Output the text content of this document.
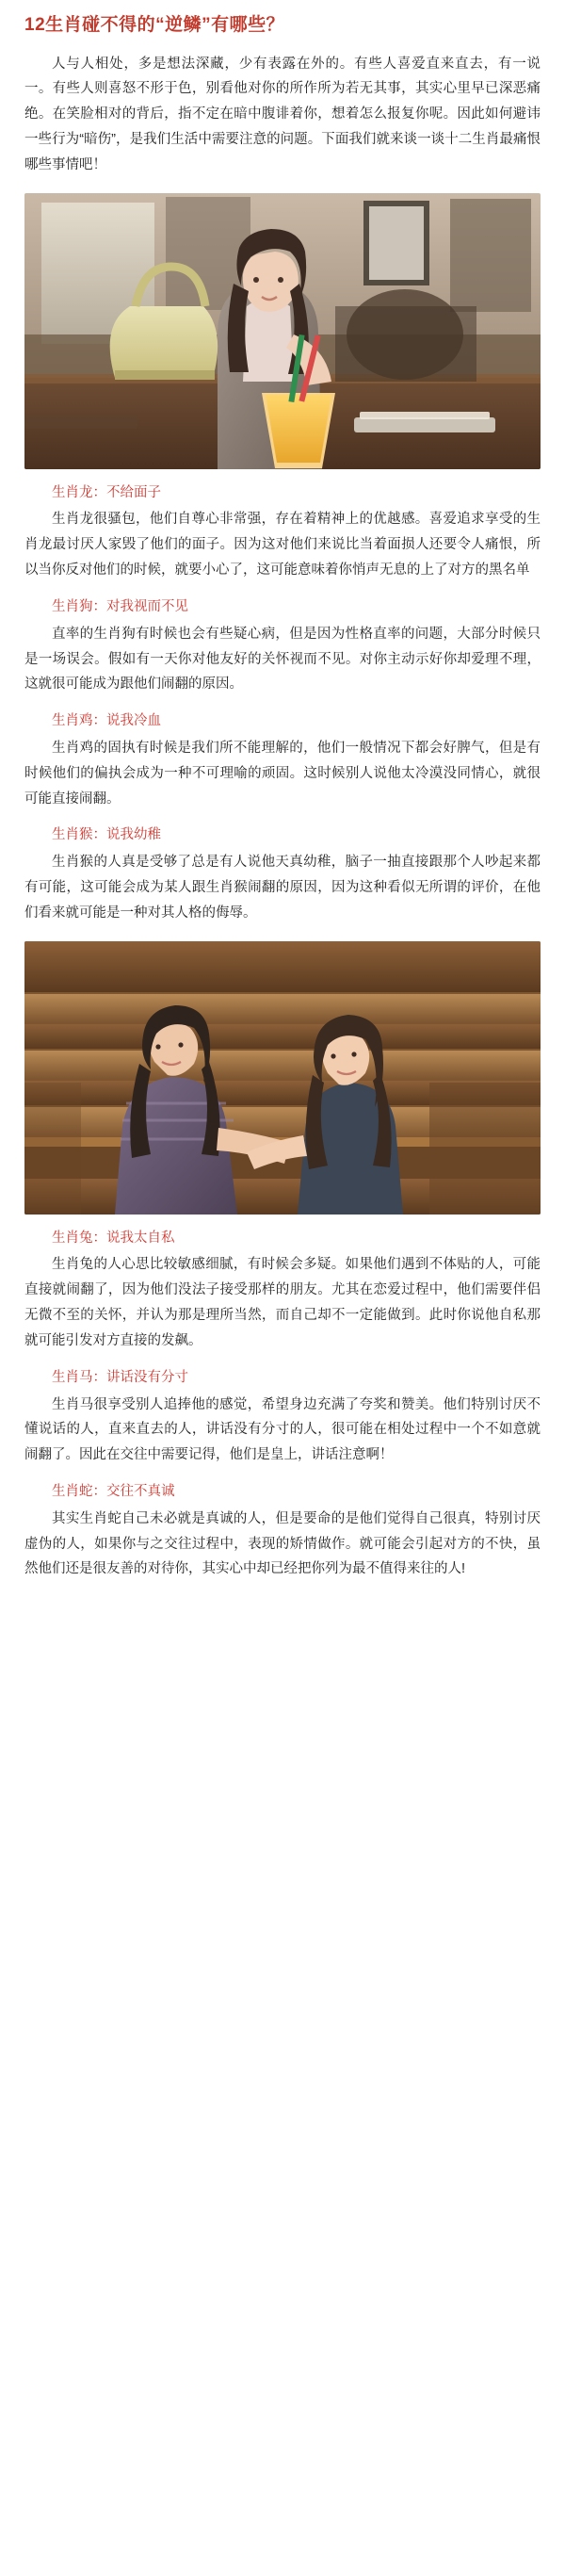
12生肖碰不得的“逆鳞”有哪些？

人与人相处，多是想法深藏，少有表露在外的。有些人喜爱直来直去，有一说一。有些人则喜怒不形于色，别看他对你的所作所为若无其事，其实心里早已深恶痛绝。在笑脸相对的背后，指不定在暗中腹诽着你，想着怎么报复你呢。因此如何避讳一些行为“暗伤”，是我们生活中需要注意的问题。下面我们就来谈一谈十二生肖最痛恨哪些事情吧！

生肖龙：不给面子

生肖龙很骚包，他们自尊心非常强，存在着精神上的优越感。喜爱追求享受的生肖龙最讨厌人家毁了他们的面子。因为这对他们来说比当着面损人还要令人痛恨，所以当你反对他们的时候，就要小心了，这可能意味着你悄声无息的上了对方的黑名单

生肖狗：对我视而不见

直率的生肖狗有时候也会有些疑心病，但是因为性格直率的问题，大部分时候只是一场误会。假如有一天你对他友好的关怀视而不见。对你主动示好你却爱理不理，这就很可能成为跟他们闹翻的原因。

生肖鸡：说我冷血

生肖鸡的固执有时候是我们所不能理解的，他们一般情况下都会好脾气，但是有时候他们的偏执会成为一种不可理喻的顽固。这时候别人说他太冷漠没同情心，就很可能直接闹翻。

生肖猴：说我幼稚

生肖猴的人真是受够了总是有人说他天真幼稚，脑子一抽直接跟那个人吵起来都有可能，这可能会成为某人跟生肖猴闹翻的原因，因为这种看似无所谓的评价，在他们看来就可能是一种对其人格的侮辱。

生肖兔：说我太自私

生肖兔的人心思比较敏感细腻，有时候会多疑。如果他们遇到不体贴的人，可能直接就闹翻了，因为他们没法子接受那样的朋友。尤其在恋爱过程中，他们需要伴侣无微不至的关怀，并认为那是理所当然，而自己却不一定能做到。此时你说他自私那就可能引发对方直接的发飙。

生肖马：讲话没有分寸

生肖马很享受别人追捧他的感觉，希望身边充满了夸奖和赞美。他们特别讨厌不懂说话的人，直来直去的人，讲话没有分寸的人，很可能在相处过程中一个不如意就闹翻了。因此在交往中需要记得，他们是皇上，讲话注意啊！

生肖蛇：交往不真诚

其实生肖蛇自己未必就是真诚的人，但是要命的是他们觉得自己很真，特别讨厌虚伪的人，如果你与之交往过程中，表现的矫情做作。就可能会引起对方的不快，虽然他们还是很友善的对待你，其实心中却已经把你列为最不值得来往的人!
